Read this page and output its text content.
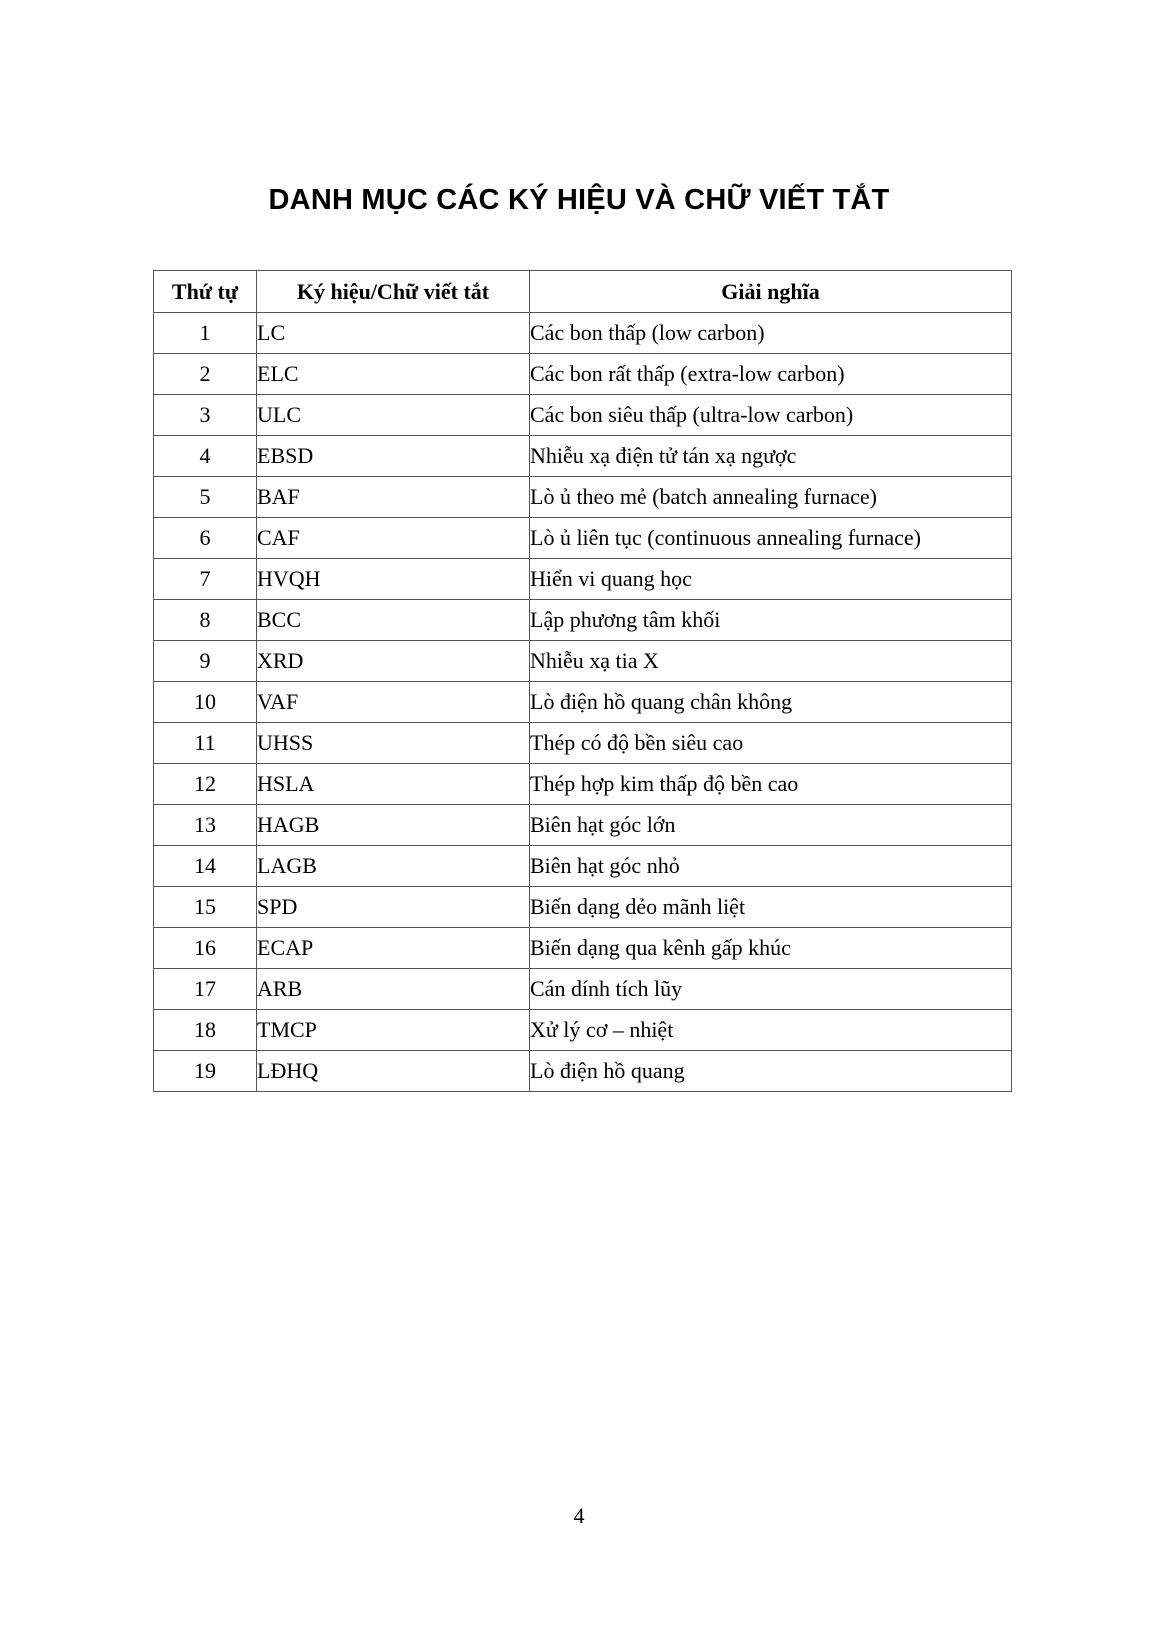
DANH MỤC CÁC KÝ HIỆU VÀ CHỮ VIẾT TẮT
Thứ tự	Ký hiệu/Chữ viết tắt	Giải nghĩa
1	LC	Các bon thấp (low carbon)
2	ELC	Các bon rất thấp (extra-low carbon)
3	ULC	Các bon siêu thấp (ultra-low carbon)
4	EBSD	Nhiễu xạ điện tử tán xạ ngược
5	BAF	Lò ủ theo mẻ (batch annealing furnace)
6	CAF	Lò ủ liên tục (continuous annealing furnace)
7	HVQH	Hiển vi quang học
8	BCC	Lập phương tâm khối
9	XRD	Nhiễu xạ tia X
10	VAF	Lò điện hồ quang chân không
11	UHSS	Thép có độ bền siêu cao
12	HSLA	Thép hợp kim thấp độ bền cao
13	HAGB	Biên hạt góc lớn
14	LAGB	Biên hạt góc nhỏ
15	SPD	Biến dạng dẻo mãnh liệt
16	ECAP	Biến dạng qua kênh gấp khúc
17	ARB	Cán dính tích lũy
18	TMCP	Xử lý cơ – nhiệt
19	LĐHQ	Lò điện hồ quang
4
